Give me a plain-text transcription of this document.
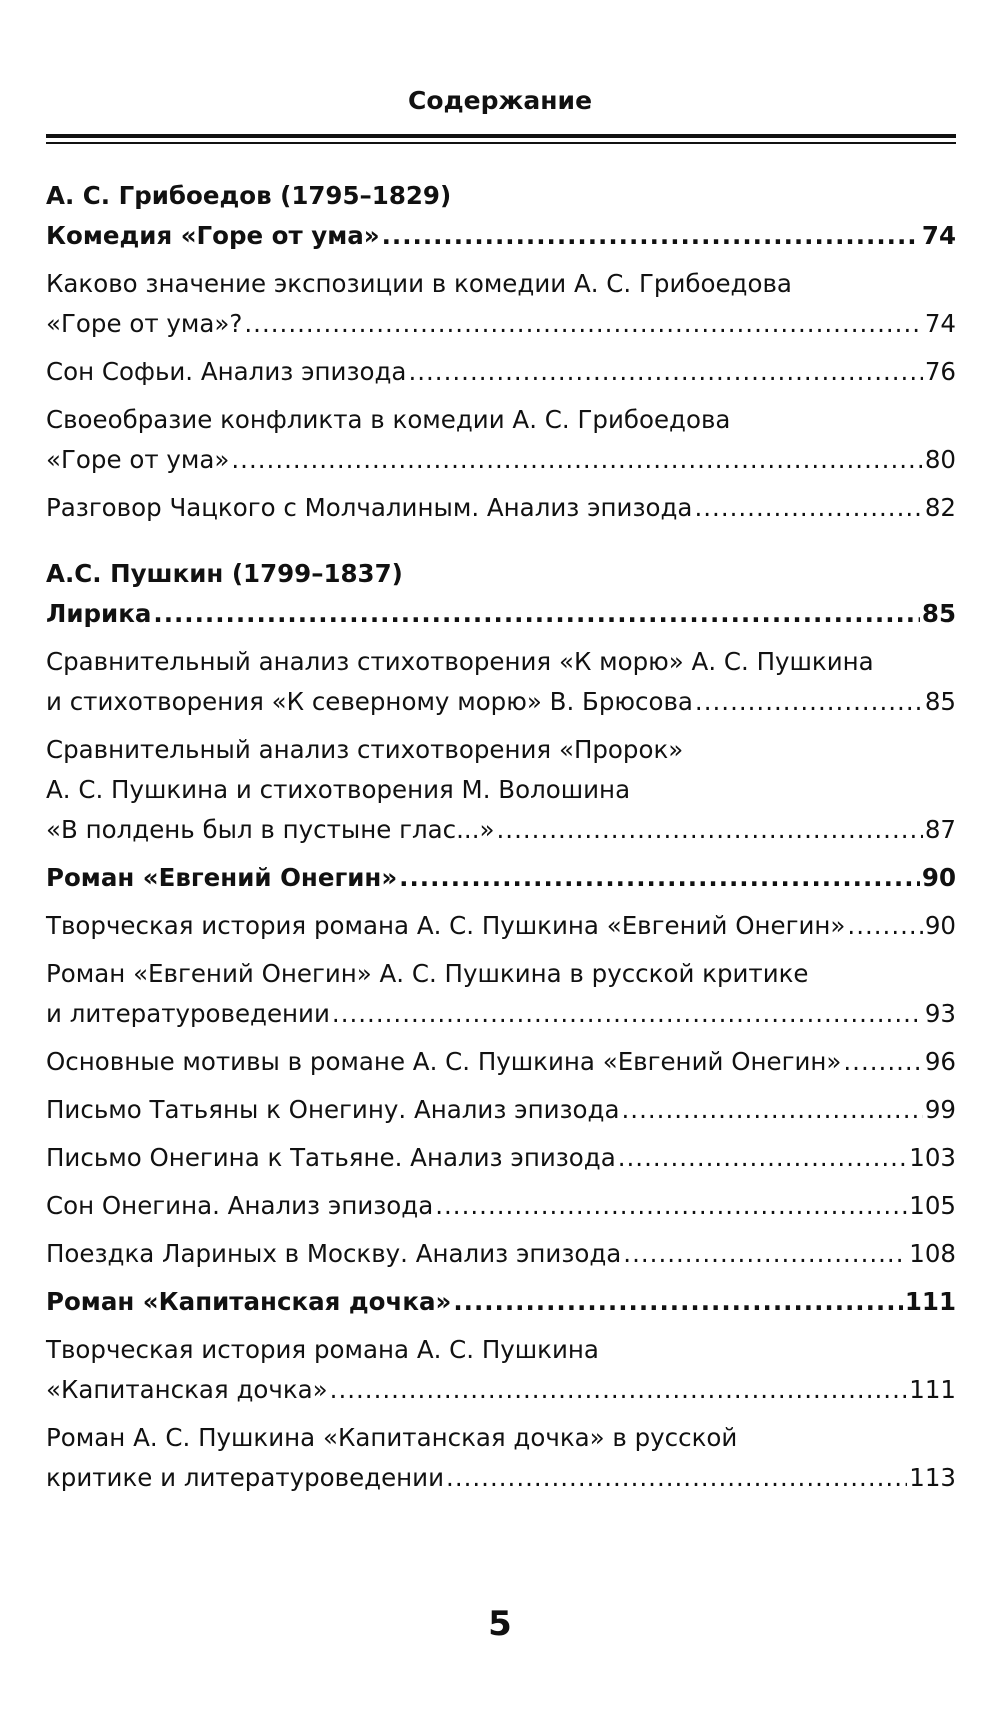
Содержание
А. С. Грибоедов (1795–1829)
Комедия «Горе от ума» .....	74
Каково значение экспозиции в комедии А. С. Грибоедова
«Горе от ума»? .....	74
Сон Софьи. Анализ эпизода .....	76
Своеобразие конфликта в комедии А. С. Грибоедова
«Горе от ума» .....	80
Разговор Чацкого с Молчалиным. Анализ эпизода .....	82
А.С. Пушкин (1799–1837)
Лирика .....	85
Сравнительный анализ стихотворения «К морю» А. С. Пушкина
и стихотворения «К северному морю» В. Брюсова .....	85
Сравнительный анализ стихотворения «Пророк»
А. С. Пушкина и стихотворения М. Волошина
«В полдень был в пустыне глас...» .....	87
Роман «Евгений Онегин» .....	90
Творческая история романа А. С. Пушкина «Евгений Онегин» .....	90
Роман «Евгений Онегин» А. С. Пушкина в русской критике
и литературоведении .....	93
Основные мотивы в романе А. С. Пушкина «Евгений Онегин» .....	96
Письмо Татьяны к Онегину. Анализ эпизода .....	99
Письмо Онегина к Татьяне. Анализ эпизода .....	103
Сон Онегина. Анализ эпизода .....	105
Поездка Лариных в Москву. Анализ эпизода .....	108
Роман «Капитанская дочка» .....	111
Творческая история романа А. С. Пушкина
«Капитанская дочка» .....	111
Роман А. С. Пушкина «Капитанская дочка» в русской
критике и литературоведении .....	113
5
